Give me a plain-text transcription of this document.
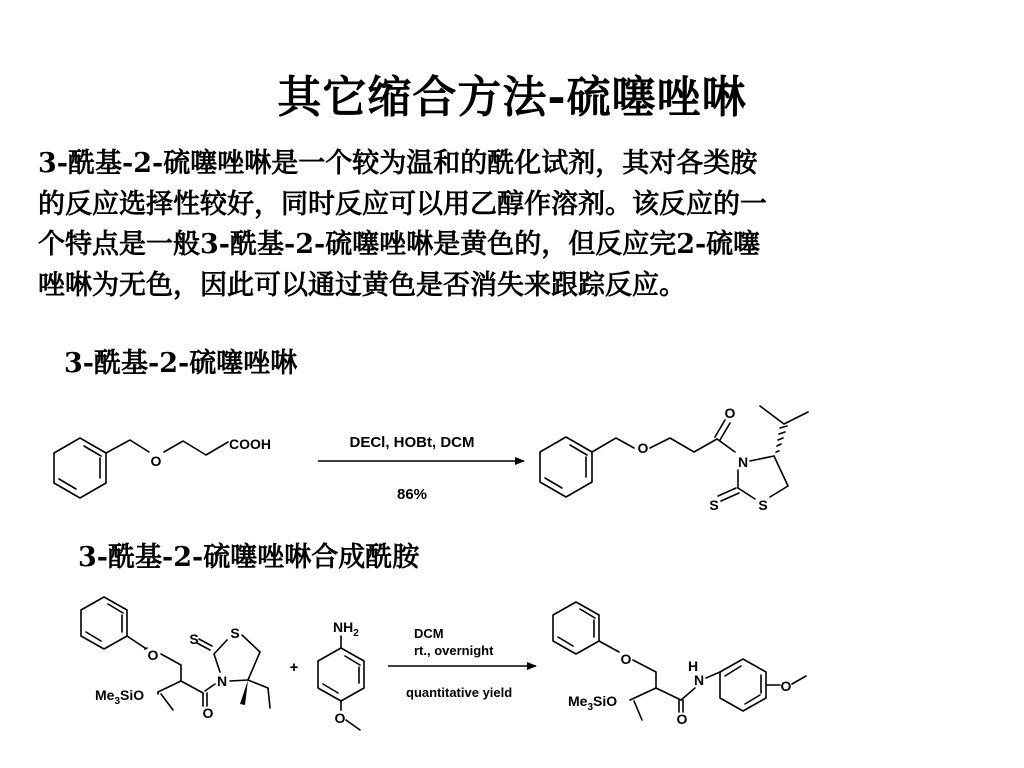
其它缩合方法-硫噻唑啉
3-酰基-2-硫噻唑啉是一个较为温和的酰化试剂，其对各类胺
的反应选择性较好，同时反应可以用乙醇作溶剂。该反应的一
个特点是一般3-酰基-2-硫噻唑啉是黄色的，但反应完2-硫噻
唑啉为无色，因此可以通过黄色是否消失来跟踪反应。
3-酰基-2-硫噻唑啉
3-酰基-2-硫噻唑啉合成酰胺
O
COOH	DECl, HOBt, DCM
86%
O
O
N
S	S
O
$Me_3SiO$
O
N
S S
+
$NH_2$
O
DCM
rt., overnight
quantitative yield
O
$Me_3SiO$
O
H
N	O
